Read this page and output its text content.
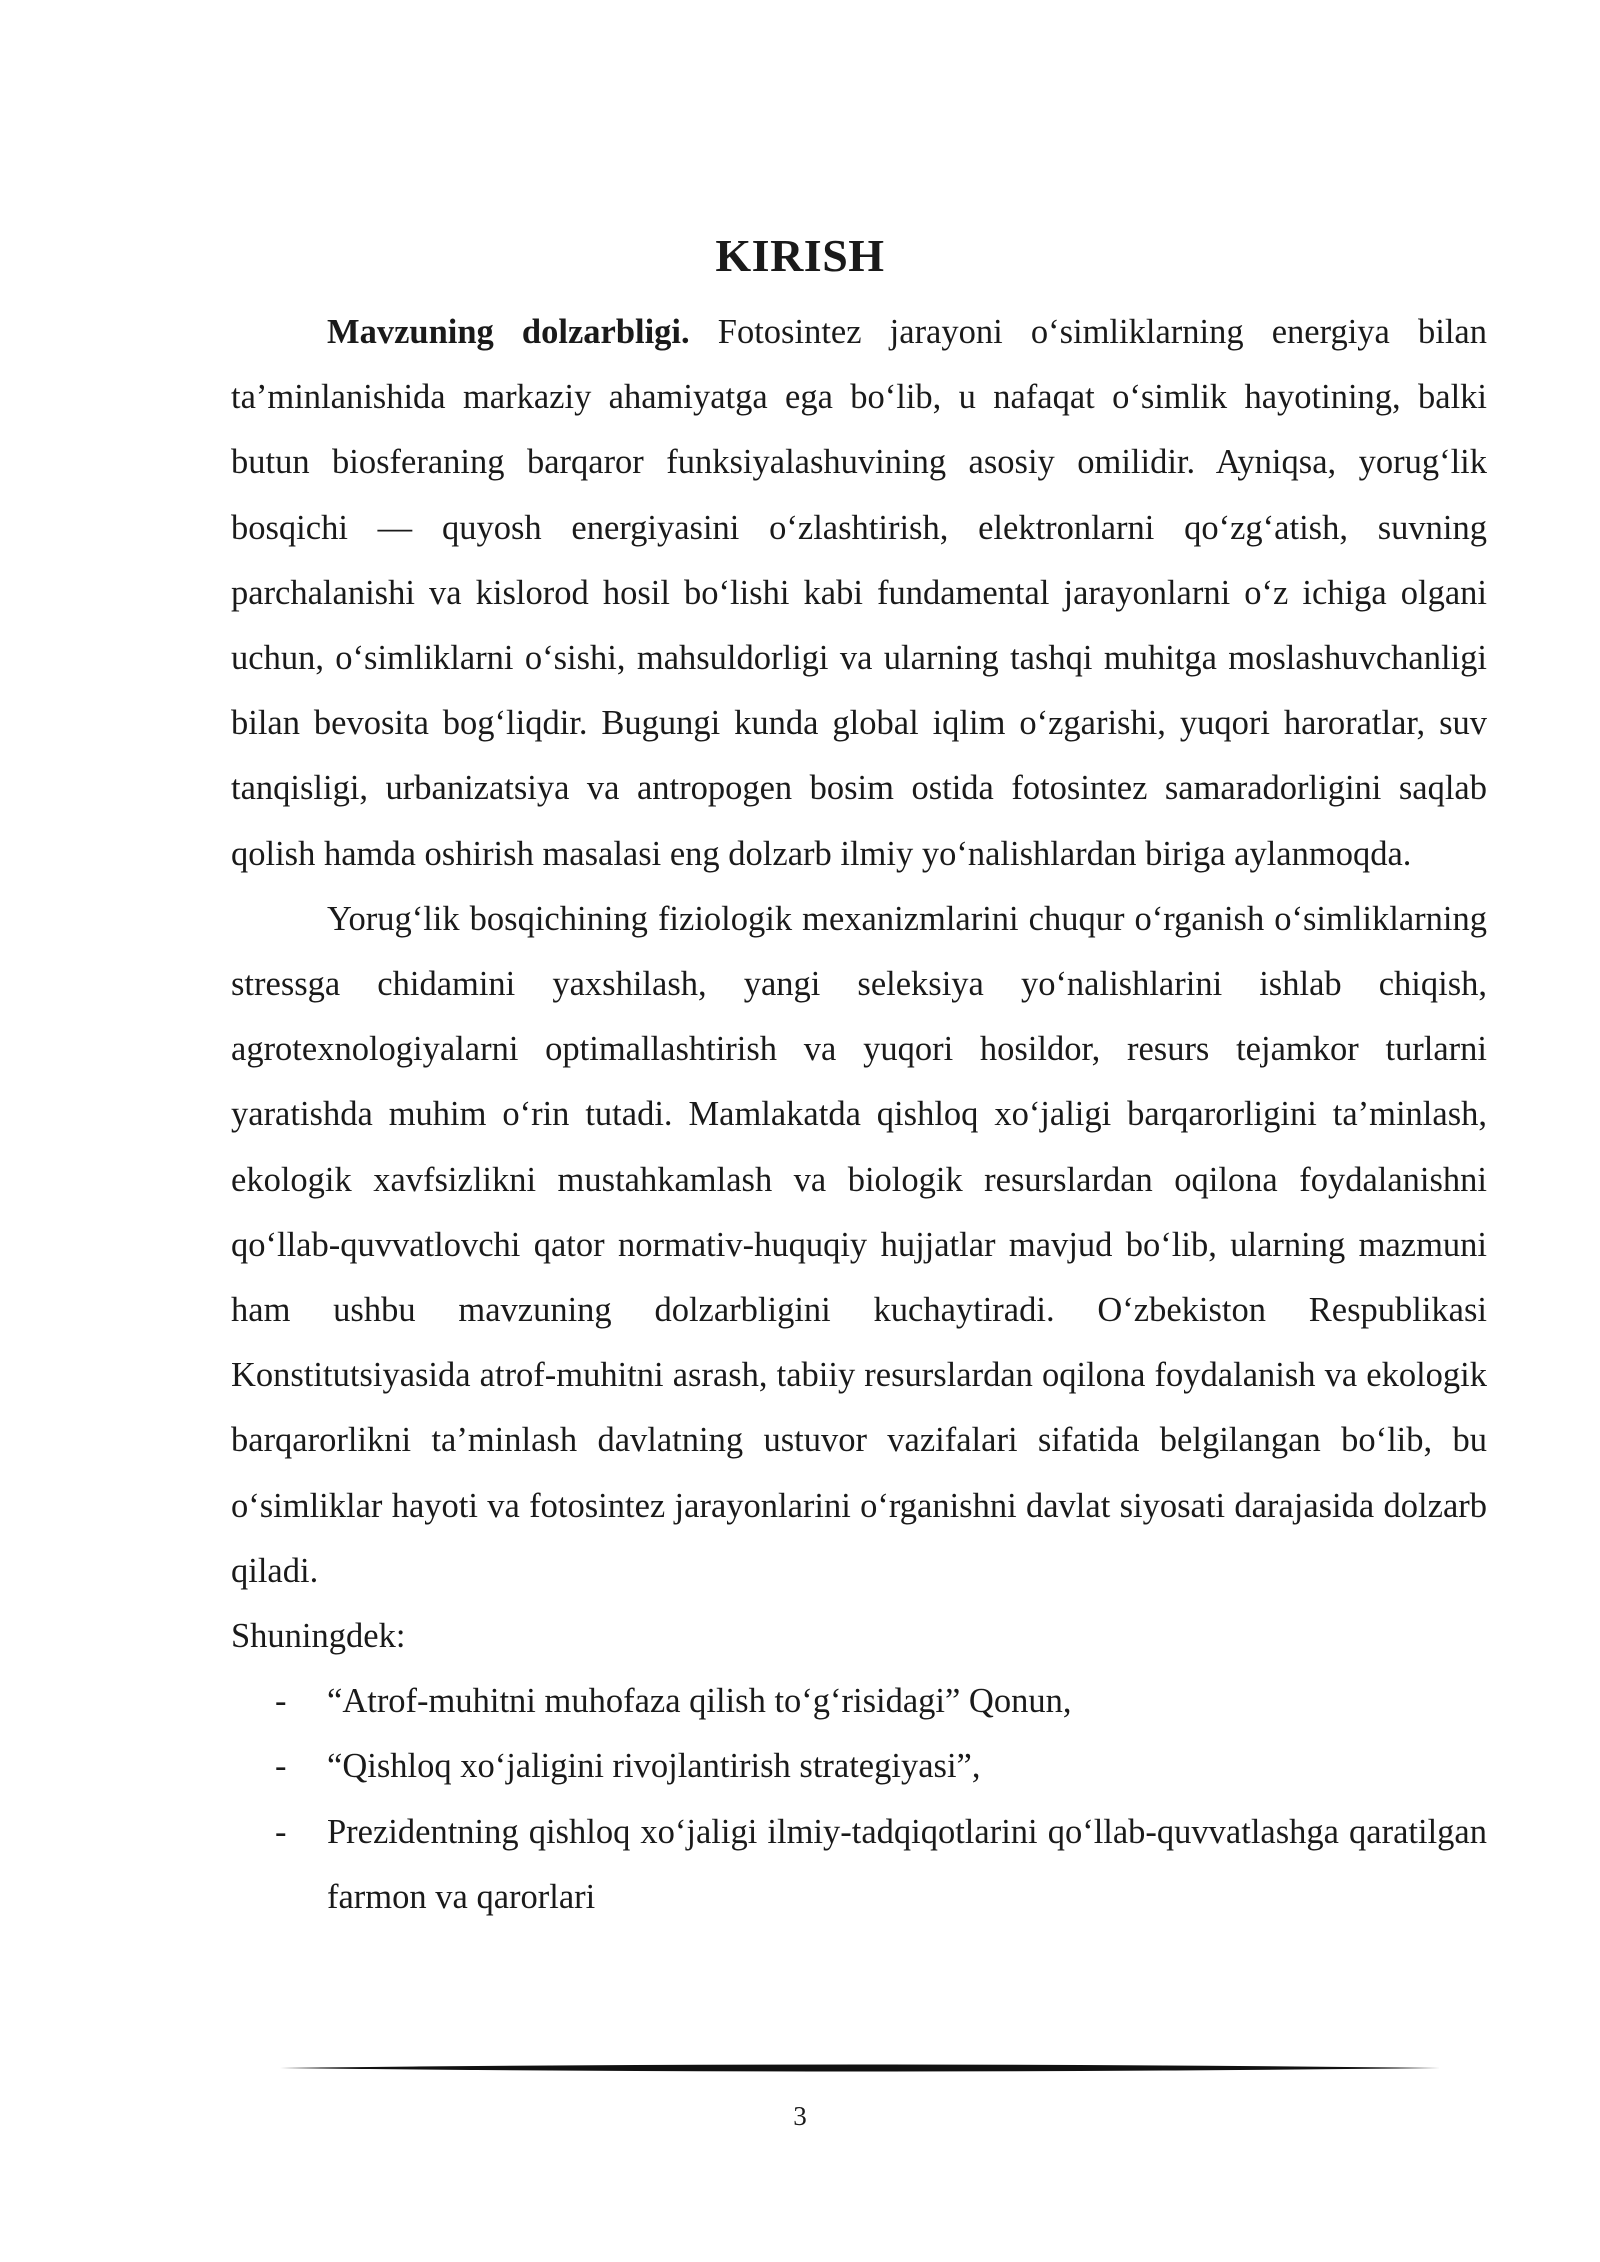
KIRISH

Mavzuning dolzarbligi. Fotosintez jarayoni o‘simliklarning energiya bilan ta’minlanishida markaziy ahamiyatga ega bo‘lib, u nafaqat o‘simlik hayotining, balki butun biosferaning barqaror funksiyalashuvining asosiy omilidir. Ayniqsa, yorug‘lik bosqichi — quyosh energiyasini o‘zlashtirish, elektronlarni qo‘zg‘atish, suvning parchalanishi va kislorod hosil bo‘lishi kabi fundamental jarayonlarni o‘z ichiga olgani uchun, o‘simliklarni o‘sishi, mahsuldorligi va ularning tashqi muhitga moslashuvchanligi bilan bevosita bog‘liqdir. Bugungi kunda global iqlim o‘zgarishi, yuqori haroratlar, suv tanqisligi, urbanizatsiya va antropogen bosim ostida fotosintez samaradorligini saqlab qolish hamda oshirish masalasi eng dolzarb ilmiy yo‘nalishlardan biriga aylanmoqda.

Yorug‘lik bosqichining fiziologik mexanizmlarini chuqur o‘rganish o‘simliklarning stressga chidamini yaxshilash, yangi seleksiya yo‘nalishlarini ishlab chiqish, agrotexnologiyalarni optimallashtirish va yuqori hosildor, resurs tejamkor turlarni yaratishda muhim o‘rin tutadi. Mamlakatda qishloq xo‘jaligi barqarorligini ta’minlash, ekologik xavfsizlikni mustahkamlash va biologik resurslardan oqilona foydalanishni qo‘llab-quvvatlovchi qator normativ-huquqiy hujjatlar mavjud bo‘lib, ularning mazmuni ham ushbu mavzuning dolzarbligini kuchaytiradi. O‘zbekiston Respublikasi Konstitutsiyasida atrof-muhitni asrash, tabiiy resurslardan oqilona foydalanish va ekologik barqarorlikni ta’minlash davlatning ustuvor vazifalari sifatida belgilangan bo‘lib, bu o‘simliklar hayoti va fotosintez jarayonlarini o‘rganishni davlat siyosati darajasida dolzarb qiladi.

Shuningdek:

- “Atrof-muhitni muhofaza qilish to‘g‘risidagi” Qonun,
- “Qishloq xo‘jaligini rivojlantirish strategiyasi”,
- Prezidentning qishloq xo‘jaligi ilmiy-tadqiqotlarini qo‘llab-quvvatlashga qaratilgan farmon va qarorlari
3
